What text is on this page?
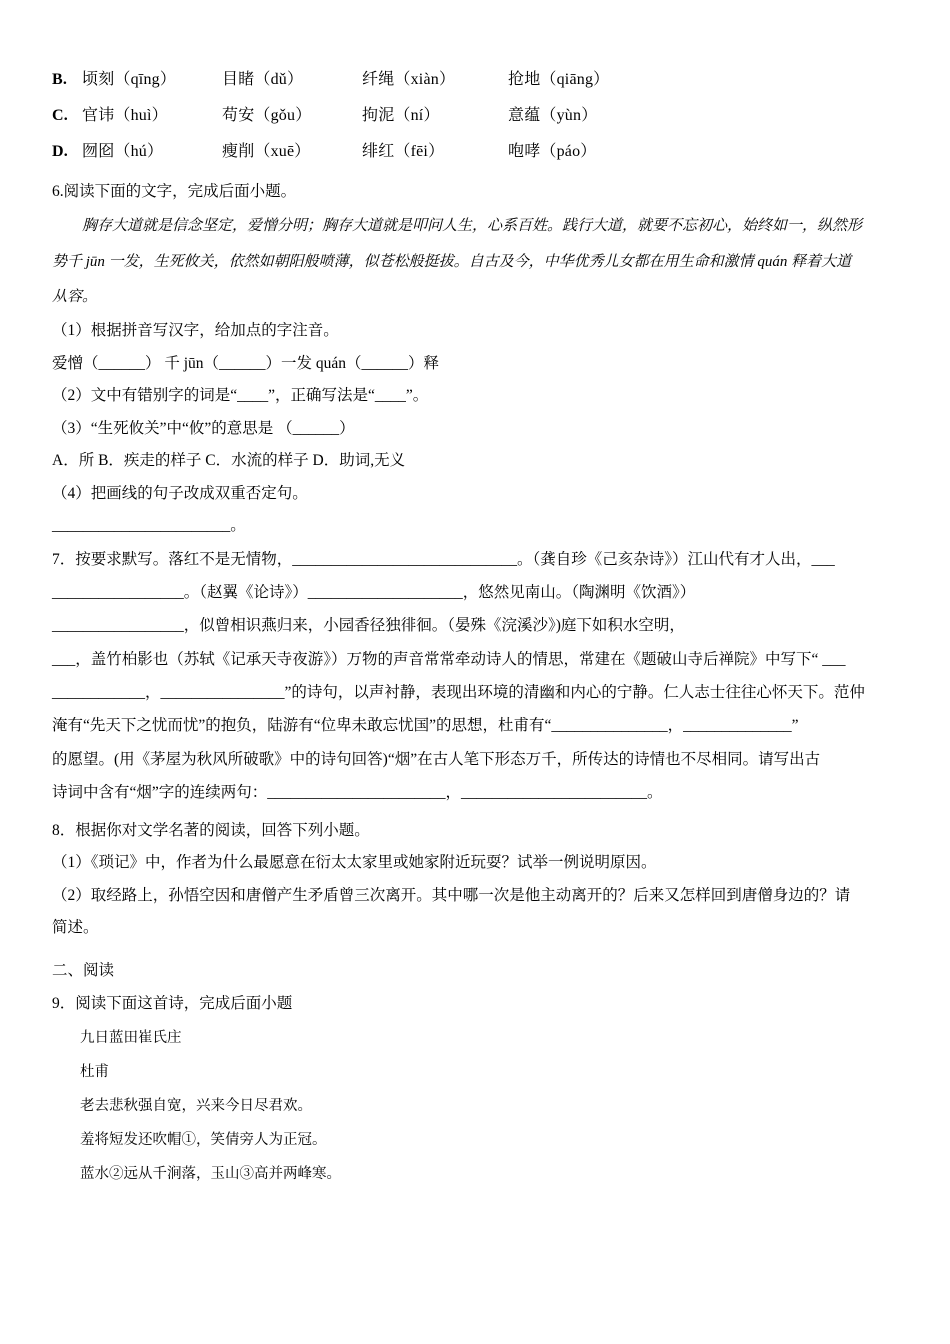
B. 顷刻（qīng）	目睹（dǔ）	纤绳（xiàn）	抢地（qiāng）
C. 官讳（huì）	苟安（gǒu）	拘泥（ní）	意蕴（yùn）
D. 囫囵（hú）	瘦削（xuē）	绯红（fēi）	咆哮（páo）
6.阅读下面的文字，完成后面小题。
胸存大道就是信念坚定，爱憎分明；胸存大道就是叩问人生，心系百姓。践行大道，就要不忘初心，始终如一，纵然形
势千 jūn 一发，生死攸关，依然如朝阳般喷薄，似苍松般挺拔。自古及今，中华优秀儿女都在用生命和激情 quán 释着大道
从容。
（1）根据拼音写汉字，给加点的字注音。
爱憎（______） 千 jūn（______）一发 quán（______）释
（2）文中有错别字的词是“____”，正确写法是“____”。
（3）“生死攸关”中“攸”的意思是 （______）
A．所 B．疾走的样子 C．水流的样子 D．助词,无义
（4）把画线的句子改成双重否定句。
_______________________。
7．按要求默写。落红不是无情物，_____________________________。（龚自珍《己亥杂诗》）江山代有才人出，___
_________________。（赵翼《论诗》）____________________，悠然见南山。（陶渊明《饮酒》）
_________________，似曾相识燕归来，小园香径独徘徊。（晏殊《浣溪沙》)庭下如积水空明，
___，盖竹柏影也（苏轼《记承天寺夜游》）万物的声音常常牵动诗人的情思，常建在《题破山寺后禅院》中写下“ ___
____________，________________”的诗句，以声衬静，表现出环境的清幽和内心的宁静。仁人志士往往心怀天下。范仲
淹有“先天下之忧而忧”的抱负，陆游有“位卑未敢忘忧国”的思想，杜甫有“_______________，______________”
的愿望。(用《茅屋为秋风所破歌》中的诗句回答)“烟”在古人笔下形态万千，所传达的诗情也不尽相同。请写出古
诗词中含有“烟”字的连续两句：_______________________，________________________。
8．根据你对文学名著的阅读，回答下列小题。
（1）《琐记》中，作者为什么最愿意在衍太太家里或她家附近玩耍？试举一例说明原因。
（2）取经路上，孙悟空因和唐僧产生矛盾曾三次离开。其中哪一次是他主动离开的？后来又怎样回到唐僧身边的？请
简述。
二、阅读
9．阅读下面这首诗，完成后面小题
九日蓝田崔氏庄
杜甫
老去悲秋强自宽，兴来今日尽君欢。
羞将短发还吹帽①，笑倩旁人为正冠。
蓝水②远从千涧落，玉山③高并两峰寒。
